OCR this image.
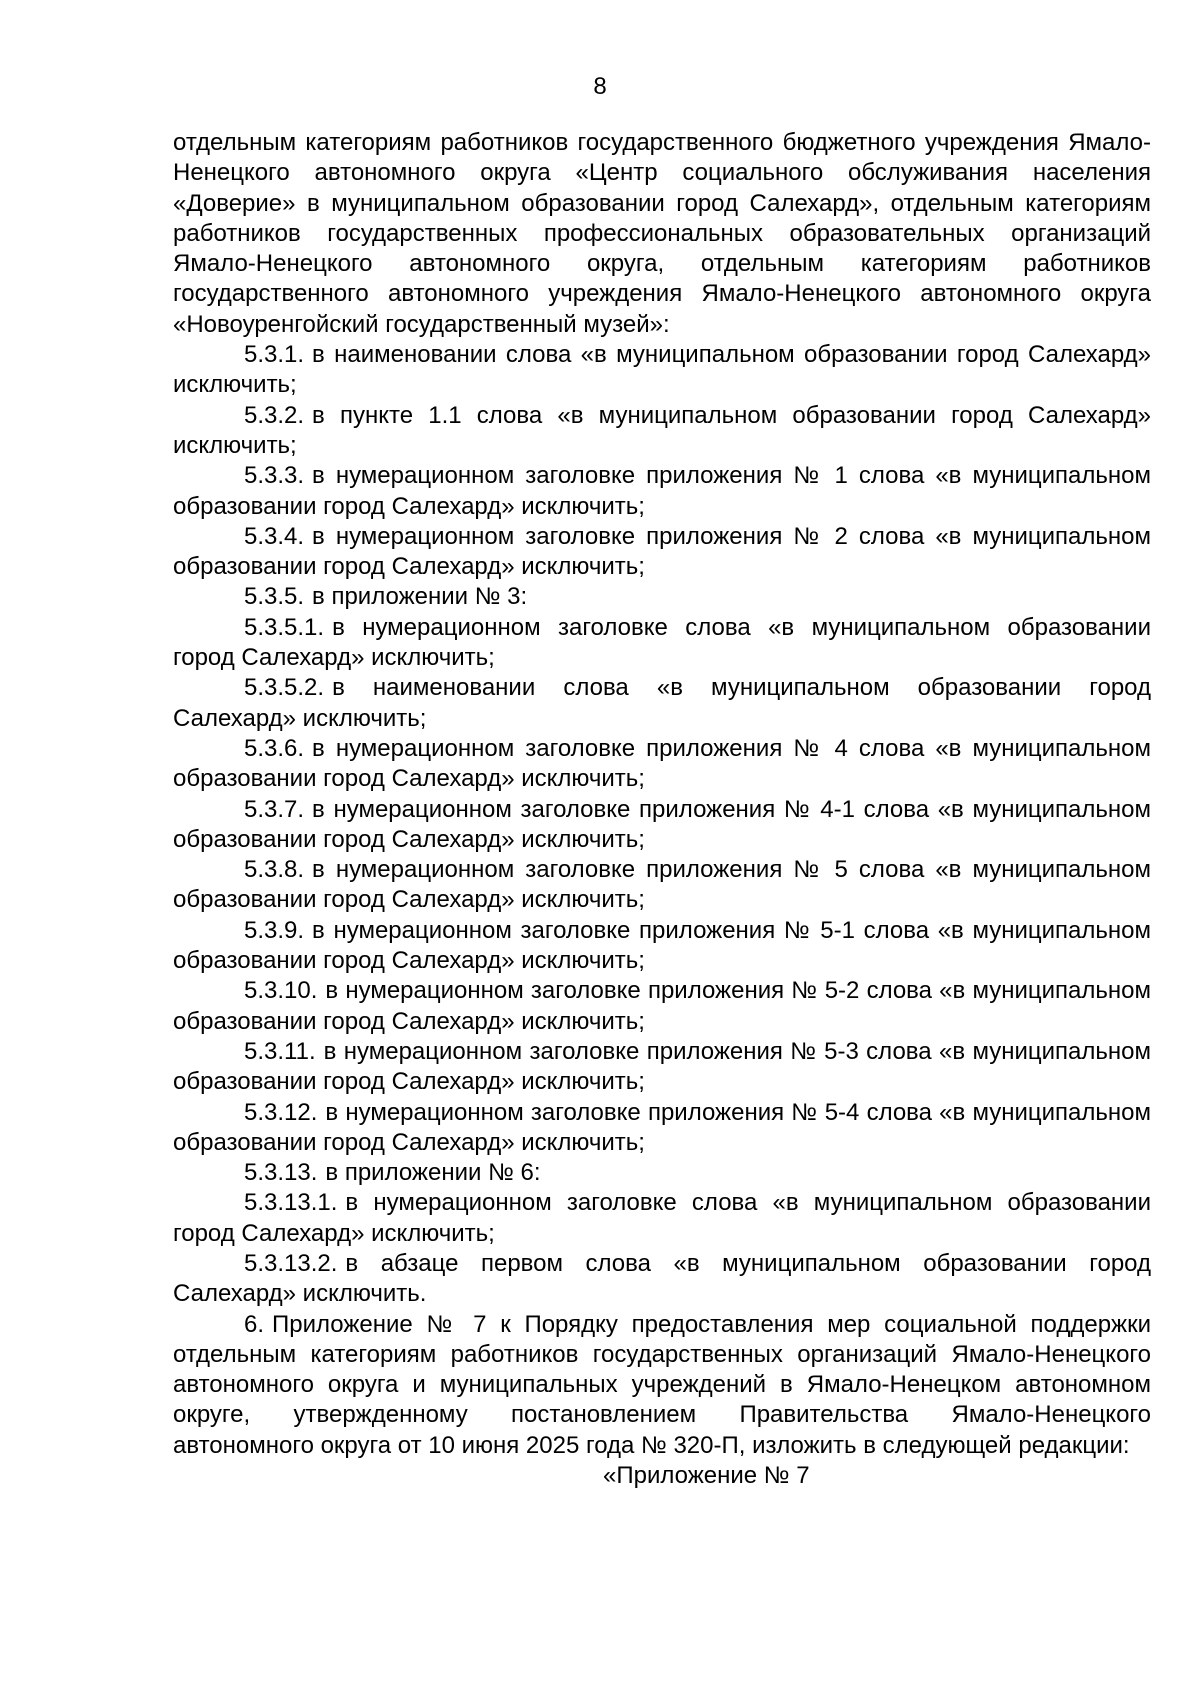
8

отдельным категориям работников государственного бюджетного учреждения Ямало-Ненецкого автономного округа «Центр социального обслуживания населения «Доверие» в муниципальном образовании город Салехард», отдельным категориям работников государственных профессиональных образовательных организаций Ямало-Ненецкого автономного округа, отдельным категориям работников государственного автономного учреждения Ямало-Ненецкого автономного округа «Новоуренгойский государственный музей»:

5.3.1. в наименовании слова «в муниципальном образовании город Салехард» исключить;

5.3.2. в пункте 1.1 слова «в муниципальном образовании город Салехард» исключить;

5.3.3. в нумерационном заголовке приложения № 1 слова «в муниципальном образовании город Салехард» исключить;

5.3.4. в нумерационном заголовке приложения № 2 слова «в муниципальном образовании город Салехард» исключить;

5.3.5. в приложении № 3:

5.3.5.1. в нумерационном заголовке слова «в муниципальном образовании город Салехард» исключить;

5.3.5.2. в наименовании слова «в муниципальном образовании город Салехард» исключить;

5.3.6. в нумерационном заголовке приложения № 4 слова «в муниципальном образовании город Салехард» исключить;

5.3.7. в нумерационном заголовке приложения № 4-1 слова «в муниципальном образовании город Салехард» исключить;

5.3.8. в нумерационном заголовке приложения № 5 слова «в муниципальном образовании город Салехард» исключить;

5.3.9. в нумерационном заголовке приложения № 5-1 слова «в муниципальном образовании город Салехард» исключить;

5.3.10. в нумерационном заголовке приложения № 5-2 слова «в муниципальном образовании город Салехард» исключить;

5.3.11. в нумерационном заголовке приложения № 5-3 слова «в муниципальном образовании город Салехард» исключить;

5.3.12. в нумерационном заголовке приложения № 5-4 слова «в муниципальном образовании город Салехард» исключить;

5.3.13. в приложении № 6:

5.3.13.1. в нумерационном заголовке слова «в муниципальном образовании город Салехард» исключить;

5.3.13.2. в абзаце первом слова «в муниципальном образовании город Салехард» исключить.

6. Приложение № 7 к Порядку предоставления мер социальной поддержки отдельным категориям работников государственных организаций Ямало-Ненецкого автономного округа и муниципальных учреждений в Ямало-Ненецком автономном округе, утвержденному постановлением Правительства Ямало-Ненецкого автономного округа от 10 июня 2025 года № 320-П, изложить в следующей редакции:

«Приложение № 7
